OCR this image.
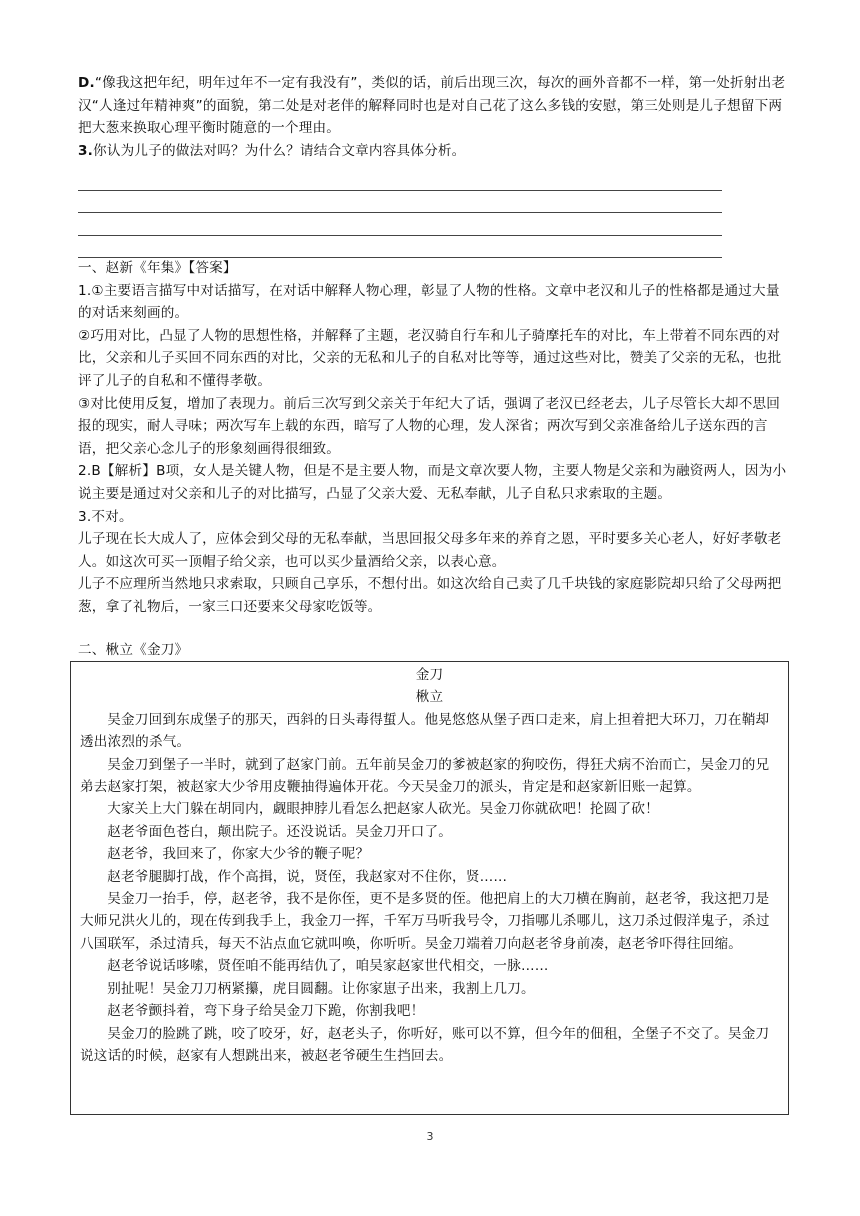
D.“像我这把年纪，明年过年不一定有我没有”，类似的话，前后出现三次，每次的画外音都不一样，第一处折射出老汉“人逢过年精神爽”的面貌，第二处是对老伴的解释同时也是对自己花了这么多钱的安慰，第三处则是儿子想留下两把大葱来换取心理平衡时随意的一个理由。

3.你认为儿子的做法对吗？为什么？请结合文章内容具体分析。

一、赵新《年集》【答案】

1.①主要语言描写中对话描写，在对话中解释人物心理，彰显了人物的性格。文章中老汉和儿子的性格都是通过大量的对话来刻画的。

②巧用对比，凸显了人物的思想性格，并解释了主题，老汉骑自行车和儿子骑摩托车的对比，车上带着不同东西的对比，父亲和儿子买回不同东西的对比，父亲的无私和儿子的自私对比等等，通过这些对比，赞美了父亲的无私，也批评了儿子的自私和不懂得孝敬。

③对比使用反复，增加了表现力。前后三次写到父亲关于年纪大了话，强调了老汉已经老去，儿子尽管长大却不思回报的现实，耐人寻味；两次写车上载的东西，暗写了人物的心理，发人深省；两次写到父亲准备给儿子送东西的言语，把父亲心念儿子的形象刻画得很细致。

2.B【解析】B项，女人是关键人物，但是不是主要人物，而是文章次要人物，主要人物是父亲和为融资两人，因为小说主要是通过对父亲和儿子的对比描写，凸显了父亲大爱、无私奉献，儿子自私只求索取的主题。

3.不对。

儿子现在长大成人了，应体会到父母的无私奉献，当思回报父母多年来的养育之恩，平时要多关心老人，好好孝敬老人。如这次可买一顶帽子给父亲，也可以买少量酒给父亲，以表心意。

儿子不应理所当然地只求索取，只顾自己享乐，不想付出。如这次给自己卖了几千块钱的家庭影院却只给了父母两把葱，拿了礼物后，一家三口还要来父母家吃饭等。

二、楸立《金刀》

金刀

楸立

吴金刀回到东成堡子的那天，西斜的日头毒得蜇人。他晃悠悠从堡子西口走来，肩上担着把大环刀，刀在鞘却透出浓烈的杀气。

吴金刀到堡子一半时，就到了赵家门前。五年前吴金刀的爹被赵家的狗咬伤，得狂犬病不治而亡，吴金刀的兄弟去赵家打架，被赵家大少爷用皮鞭抽得遍体开花。今天吴金刀的派头，肯定是和赵家新旧账一起算。

大家关上大门躲在胡同内，觑眼抻脖儿看怎么把赵家人砍光。吴金刀你就砍吧！抡圆了砍！

赵老爷面色苍白，颠出院子。还没说话。吴金刀开口了。

赵老爷，我回来了，你家大少爷的鞭子呢？

赵老爷腿脚打战，作个高揖，说，贤侄，我赵家对不住你，贤……

吴金刀一抬手，停，赵老爷，我不是你侄，更不是多贤的侄。他把肩上的大刀横在胸前，赵老爷，我这把刀是大师兄洪火儿的，现在传到我手上，我金刀一挥，千军万马听我号令，刀指哪儿杀哪儿，这刀杀过假洋鬼子，杀过八国联军，杀过清兵，每天不沾点血它就叫唤，你听听。吴金刀端着刀向赵老爷身前凑，赵老爷吓得往回缩。

赵老爷说话哆嗦，贤侄咱不能再结仇了，咱吴家赵家世代相交，一脉……

别扯呢！吴金刀刀柄紧攥，虎目圆翻。让你家崽子出来，我割上几刀。

赵老爷颤抖着，弯下身子给吴金刀下跪，你割我吧！

吴金刀的脸跳了跳，咬了咬牙，好，赵老头子，你听好，账可以不算，但今年的佃租，全堡子不交了。吴金刀说这话的时候，赵家有人想跳出来，被赵老爷硬生生挡回去。

3
